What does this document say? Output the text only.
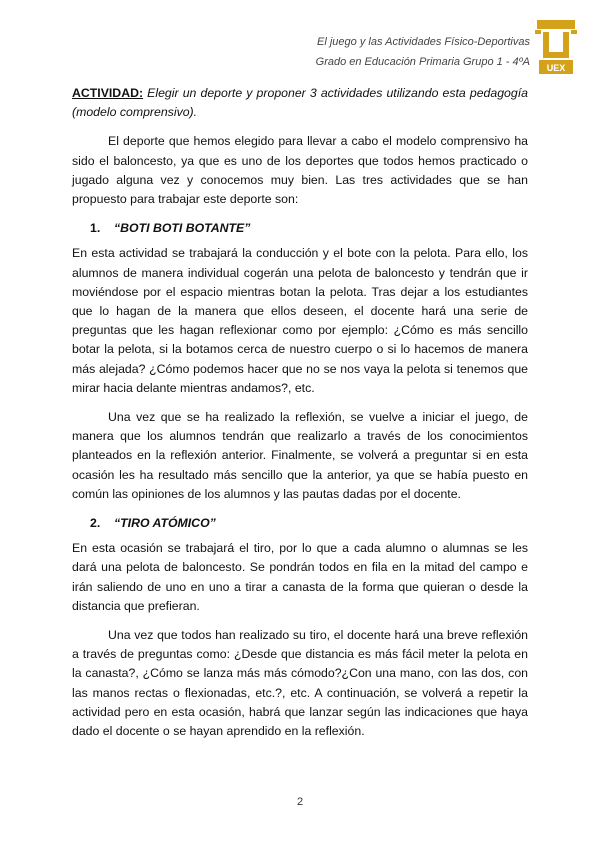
El juego y las Actividades Físico-Deportivas
Grado en Educación Primaria Grupo 1 - 4ºA UEX

ACTIVIDAD: Elegir un deporte y proponer 3 actividades utilizando esta pedagogía (modelo comprensivo).

El deporte que hemos elegido para llevar a cabo el modelo comprensivo ha sido el baloncesto, ya que es uno de los deportes que todos hemos practicado o jugado alguna vez y conocemos muy bien. Las tres actividades que se han propuesto para trabajar este deporte son:

1. “BOTI BOTI BOTANTE”

En esta actividad se trabajará la conducción y el bote con la pelota. Para ello, los alumnos de manera individual cogerán una pelota de baloncesto y tendrán que ir moviéndose por el espacio mientras botan la pelota. Tras dejar a los estudiantes que lo hagan de la manera que ellos deseen, el docente hará una serie de preguntas que les hagan reflexionar como por ejemplo: ¿Cómo es más sencillo botar la pelota, si la botamos cerca de nuestro cuerpo o si lo hacemos de manera más alejada? ¿Cómo podemos hacer que no se nos vaya la pelota si tenemos que mirar hacia delante mientras andamos?, etc.

Una vez que se ha realizado la reflexión, se vuelve a iniciar el juego, de manera que los alumnos tendrán que realizarlo a través de los conocimientos planteados en la reflexión anterior. Finalmente, se volverá a preguntar si en esta ocasión les ha resultado más sencillo que la anterior, ya que se había puesto en común las opiniones de los alumnos y las pautas dadas por el docente.

2. “TIRO ATÓMICO”

En esta ocasión se trabajará el tiro, por lo que a cada alumno o alumnas se les dará una pelota de baloncesto. Se pondrán todos en fila en la mitad del campo e irán saliendo de uno en uno a tirar a canasta de la forma que quieran o desde la distancia que prefieran.

Una vez que todos han realizado su tiro, el docente hará una breve reflexión a través de preguntas como: ¿Desde que distancia es más fácil meter la pelota en la canasta?, ¿Cómo se lanza más más cómodo?¿Con una mano, con las dos, con las manos rectas o flexionadas, etc.?, etc. A continuación, se volverá a repetir la actividad pero en esta ocasión, habrá que lanzar según las indicaciones que haya dado el docente o se hayan aprendido en la reflexión.

2
